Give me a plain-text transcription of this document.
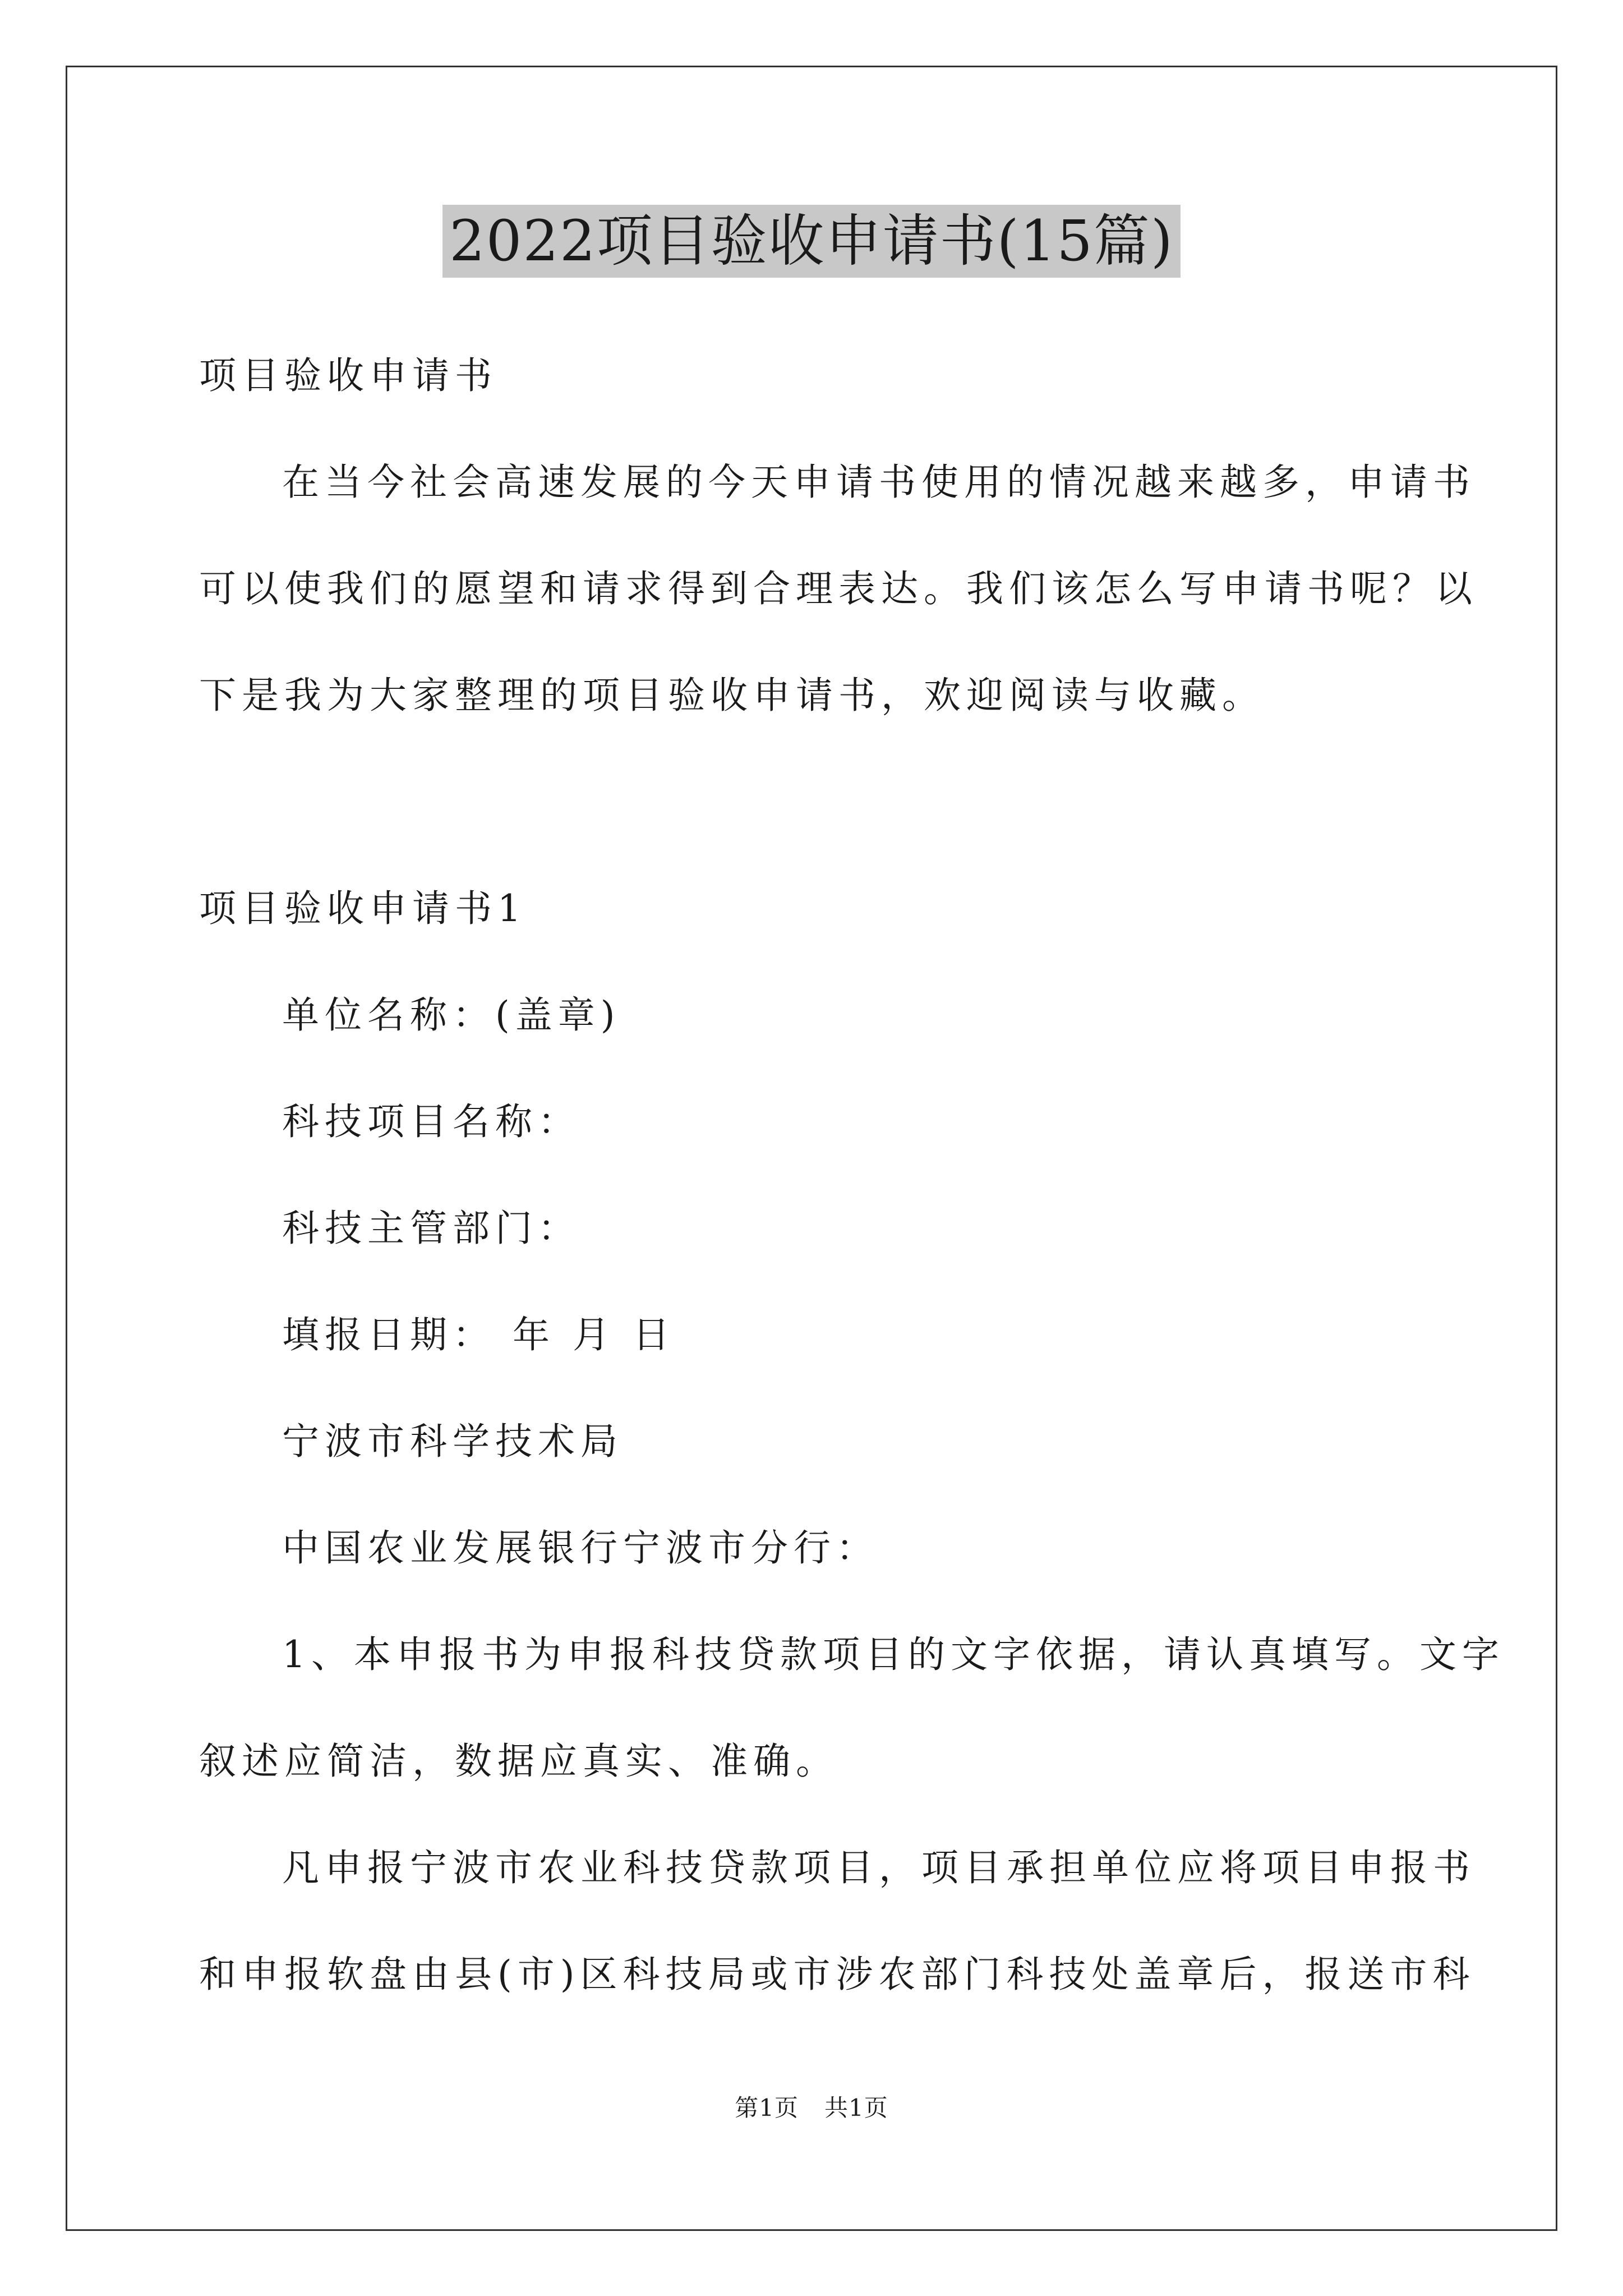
2022项目验收申请书(15篇)
项目验收申请书
在当今社会高速发展的今天申请书使用的情况越来越多，申请书
可以使我们的愿望和请求得到合理表达。我们该怎么写申请书呢？以
下是我为大家整理的项目验收申请书，欢迎阅读与收藏。
项目验收申请书1
单位名称：(盖章)
科技项目名称：
科技主管部门：
填报日期： 年 月 日
宁波市科学技术局
中国农业发展银行宁波市分行：
1、本申报书为申报科技贷款项目的文字依据，请认真填写。文字
叙述应简洁，数据应真实、准确。
凡申报宁波市农业科技贷款项目，项目承担单位应将项目申报书
和申报软盘由县(市)区科技局或市涉农部门科技处盖章后，报送市科
第1页 共1页
